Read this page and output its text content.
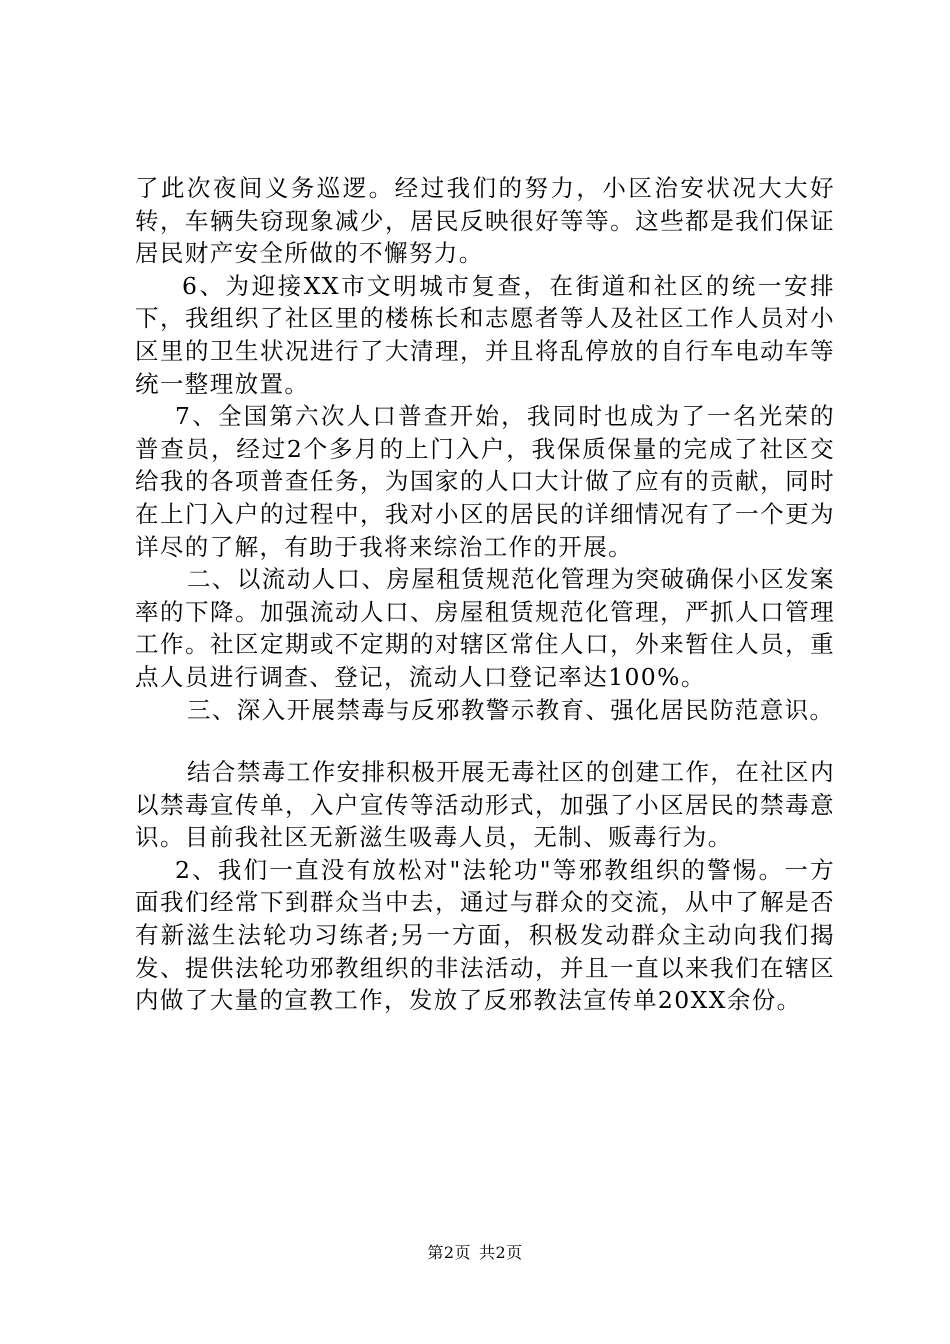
了此次夜间义务巡逻。经过我们的努力，小区治安状况大大好转，车辆失窃现象减少，居民反映很好等等。这些都是我们保证居民财产安全所做的不懈努力。

6、为迎接XX市文明城市复查，在街道和社区的统一安排下，我组织了社区里的楼栋长和志愿者等人及社区工作人员对小区里的卫生状况进行了大清理，并且将乱停放的自行车电动车等统一整理放置。

7、全国第六次人口普查开始，我同时也成为了一名光荣的普查员，经过2个多月的上门入户，我保质保量的完成了社区交给我的各项普查任务，为国家的人口大计做了应有的贡献，同时在上门入户的过程中，我对小区的居民的详细情况有了一个更为详尽的了解，有助于我将来综治工作的开展。

二、以流动人口、房屋租赁规范化管理为突破确保小区发案率的下降。加强流动人口、房屋租赁规范化管理，严抓人口管理工作。社区定期或不定期的对辖区常住人口，外来暂住人员，重点人员进行调查、登记，流动人口登记率达100%。

三、深入开展禁毒与反邪教警示教育、强化居民防范意识。

结合禁毒工作安排积极开展无毒社区的创建工作，在社区内以禁毒宣传单，入户宣传等活动形式，加强了小区居民的禁毒意识。目前我社区无新滋生吸毒人员，无制、贩毒行为。

2、我们一直没有放松对"法轮功"等邪教组织的警惕。一方面我们经常下到群众当中去，通过与群众的交流，从中了解是否有新滋生法轮功习练者;另一方面，积极发动群众主动向我们揭发、提供法轮功邪教组织的非法活动，并且一直以来我们在辖区内做了大量的宣教工作，发放了反邪教法宣传单20XX余份。

第2页 共2页
